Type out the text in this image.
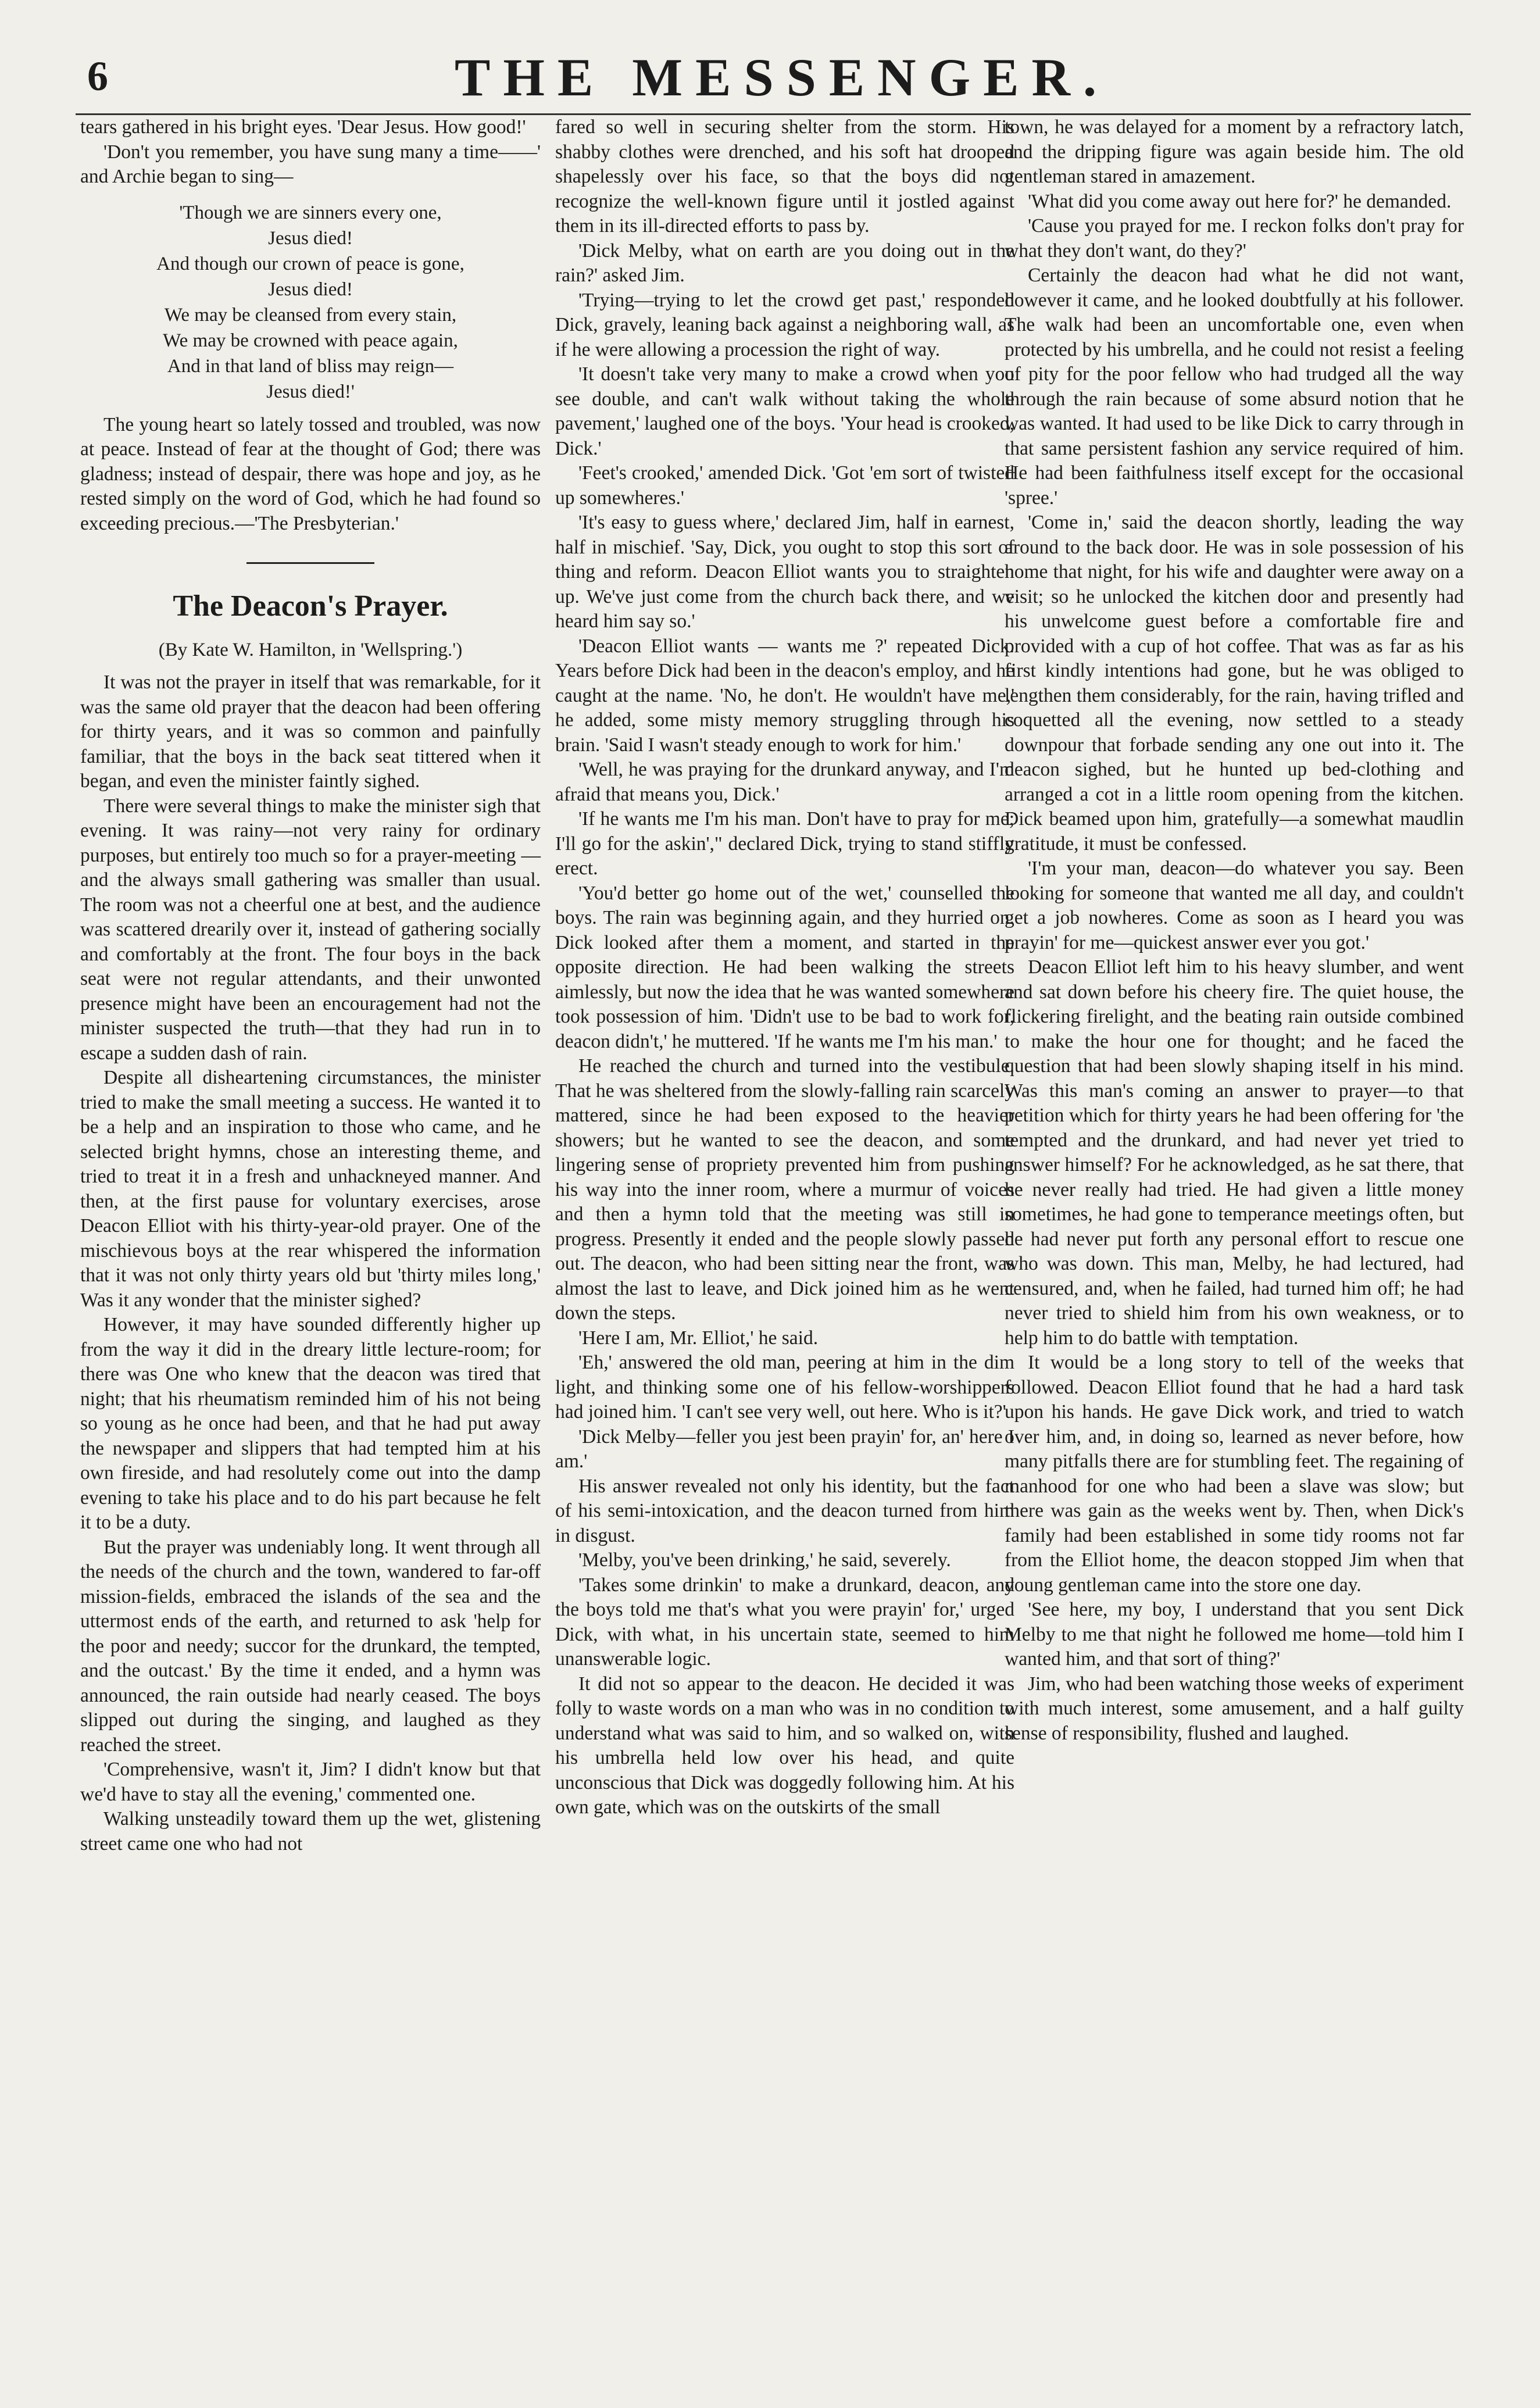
6	THE MESSENGER.

tears gathered in his bright eyes. 'Dear Jesus. How good!'

'Don't you remember, you have sung many a time——' and Archie began to sing—

'Though we are sinners every one,
Jesus died!
And though our crown of peace is gone,
Jesus died!
We may be cleansed from every stain,
We may be crowned with peace again,
And in that land of bliss may reign—
Jesus died!'

The young heart so lately tossed and troubled, was now at peace. Instead of fear at the thought of God; there was gladness; instead of despair, there was hope and joy, as he rested simply on the word of God, which he had found so exceeding precious.—'The Presbyterian.'

The Deacon's Prayer.
(By Kate W. Hamilton, in 'Wellspring.')

It was not the prayer in itself that was remarkable, for it was the same old prayer that the deacon had been offering for thirty years, and it was so common and painfully familiar, that the boys in the back seat tittered when it began, and even the minister faintly sighed.

There were several things to make the minister sigh that evening. It was rainy—not very rainy for ordinary purposes, but entirely too much so for a prayer-meeting — and the always small gathering was smaller than usual. The room was not a cheerful one at best, and the audience was scattered drearily over it, instead of gathering socially and comfortably at the front. The four boys in the back seat were not regular attendants, and their unwonted presence might have been an encouragement had not the minister suspected the truth—that they had run in to escape a sudden dash of rain.

Despite all disheartening circumstances, the minister tried to make the small meeting a success. He wanted it to be a help and an inspiration to those who came, and he selected bright hymns, chose an interesting theme, and tried to treat it in a fresh and unhackneyed manner. And then, at the first pause for voluntary exercises, arose Deacon Elliot with his thirty-year-old prayer. One of the mischievous boys at the rear whispered the information that it was not only thirty years old but 'thirty miles long,' Was it any wonder that the minister sighed?

However, it may have sounded differently higher up from the way it did in the dreary little lecture-room; for there was One who knew that the deacon was tired that night; that his rheumatism reminded him of his not being so young as he once had been, and that he had put away the newspaper and slippers that had tempted him at his own fireside, and had resolutely come out into the damp evening to take his place and to do his part because he felt it to be a duty.

But the prayer was undeniably long. It went through all the needs of the church and the town, wandered to far-off mission-fields, embraced the islands of the sea and the uttermost ends of the earth, and returned to ask 'help for the poor and needy; succor for the drunkard, the tempted, and the outcast.' By the time it ended, and a hymn was announced, the rain outside had nearly ceased. The boys slipped out during the singing, and laughed as they reached the street.

'Comprehensive, wasn't it, Jim? I didn't know but that we'd have to stay all the evening,' commented one.

Walking unsteadily toward them up the wet, glistening street came one who had not

fared so well in securing shelter from the storm. His shabby clothes were drenched, and his soft hat drooped shapelessly over his face, so that the boys did not recognize the well-known figure until it jostled against them in its ill-directed efforts to pass by.

'Dick Melby, what on earth are you doing out in the rain?' asked Jim.

'Trying—trying to let the crowd get past,' responded Dick, gravely, leaning back against a neighboring wall, as if he were allowing a procession the right of way.

'It doesn't take very many to make a crowd when you see double, and can't walk without taking the whole pavement,' laughed one of the boys. 'Your head is crooked, Dick.'

'Feet's crooked,' amended Dick. 'Got 'em sort of twisted up somewheres.'

'It's easy to guess where,' declared Jim, half in earnest, half in mischief. 'Say, Dick, you ought to stop this sort of thing and reform. Deacon Elliot wants you to straighten up. We've just come from the church back there, and we heard him say so.'

'Deacon Elliot wants — wants me ?' repeated Dick. Years before Dick had been in the deacon's employ, and he caught at the name. 'No, he don't. He wouldn't have me,' he added, some misty memory struggling through his brain. 'Said I wasn't steady enough to work for him.'

'Well, he was praying for the drunkard anyway, and I'm afraid that means you, Dick.'

'If he wants me I'm his man. Don't have to pray for me; I'll go for the askin'," declared Dick, trying to stand stiffly erect.

'You'd better go home out of the wet,' counselled the boys. The rain was beginning again, and they hurried on. Dick looked after them a moment, and started in the opposite direction. He had been walking the streets aimlessly, but now the idea that he was wanted somewhere took possession of him. 'Didn't use to be bad to work for, deacon didn't,' he muttered. 'If he wants me I'm his man.'

He reached the church and turned into the vestibule. That he was sheltered from the slowly-falling rain scarcely mattered, since he had been exposed to the heavier showers; but he wanted to see the deacon, and some lingering sense of propriety prevented him from pushing his way into the inner room, where a murmur of voices and then a hymn told that the meeting was still in progress. Presently it ended and the people slowly passed out. The deacon, who had been sitting near the front, was almost the last to leave, and Dick joined him as he went down the steps.

'Here I am, Mr. Elliot,' he said.

'Eh,' answered the old man, peering at him in the dim light, and thinking some one of his fellow-worshippers had joined him. 'I can't see very well, out here. Who is it?'

'Dick Melby—feller you jest been prayin' for, an' here I am.'

His answer revealed not only his identity, but the fact of his semi-intoxication, and the deacon turned from him in disgust.

'Melby, you've been drinking,' he said, severely.

'Takes some drinkin' to make a drunkard, deacon, and the boys told me that's what you were prayin' for,' urged Dick, with what, in his uncertain state, seemed to him unanswerable logic.

It did not so appear to the deacon. He decided it was folly to waste words on a man who was in no condition to understand what was said to him, and so walked on, with his umbrella held low over his head, and quite unconscious that Dick was doggedly following him. At his own gate, which was on the outskirts of the small

town, he was delayed for a moment by a refractory latch, and the dripping figure was again beside him. The old gentleman stared in amazement.

'What did you come away out here for?' he demanded.

'Cause you prayed for me. I reckon folks don't pray for what they don't want, do they?'

Certainly the deacon had what he did not want, however it came, and he looked doubtfully at his follower. The walk had been an uncomfortable one, even when protected by his umbrella, and he could not resist a feeling of pity for the poor fellow who had trudged all the way through the rain because of some absurd notion that he was wanted. It had used to be like Dick to carry through in that same persistent fashion any service required of him. He had been faithfulness itself except for the occasional 'spree.'

'Come in,' said the deacon shortly, leading the way around to the back door. He was in sole possession of his home that night, for his wife and daughter were away on a visit; so he unlocked the kitchen door and presently had his unwelcome guest before a comfortable fire and provided with a cup of hot coffee. That was as far as his first kindly intentions had gone, but he was obliged to lengthen them considerably, for the rain, having trifled and coquetted all the evening, now settled to a steady downpour that forbade sending any one out into it. The deacon sighed, but he hunted up bed-clothing and arranged a cot in a little room opening from the kitchen. Dick beamed upon him, gratefully—a somewhat maudlin gratitude, it must be confessed.

'I'm your man, deacon—do whatever you say. Been looking for someone that wanted me all day, and couldn't get a job nowheres. Come as soon as I heard you was prayin' for me—quickest answer ever you got.'

Deacon Elliot left him to his heavy slumber, and went and sat down before his cheery fire. The quiet house, the flickering firelight, and the beating rain outside combined to make the hour one for thought; and he faced the question that had been slowly shaping itself in his mind. Was this man's coming an answer to prayer—to that petition which for thirty years he had been offering for 'the tempted and the drunkard, and had never yet tried to answer himself? For he acknowledged, as he sat there, that he never really had tried. He had given a little money sometimes, he had gone to temperance meetings often, but he had never put forth any personal effort to rescue one who was down. This man, Melby, he had lectured, had censured, and, when he failed, had turned him off; he had never tried to shield him from his own weakness, or to help him to do battle with temptation.

It would be a long story to tell of the weeks that followed. Deacon Elliot found that he had a hard task upon his hands. He gave Dick work, and tried to watch over him, and, in doing so, learned as never before, how many pitfalls there are for stumbling feet. The regaining of manhood for one who had been a slave was slow; but there was gain as the weeks went by. Then, when Dick's family had been established in some tidy rooms not far from the Elliot home, the deacon stopped Jim when that young gentleman came into the store one day.

'See here, my boy, I understand that you sent Dick Melby to me that night he followed me home—told him I wanted him, and that sort of thing?'

Jim, who had been watching those weeks of experiment with much interest, some amusement, and a half guilty sense of responsibility, flushed and laughed.
